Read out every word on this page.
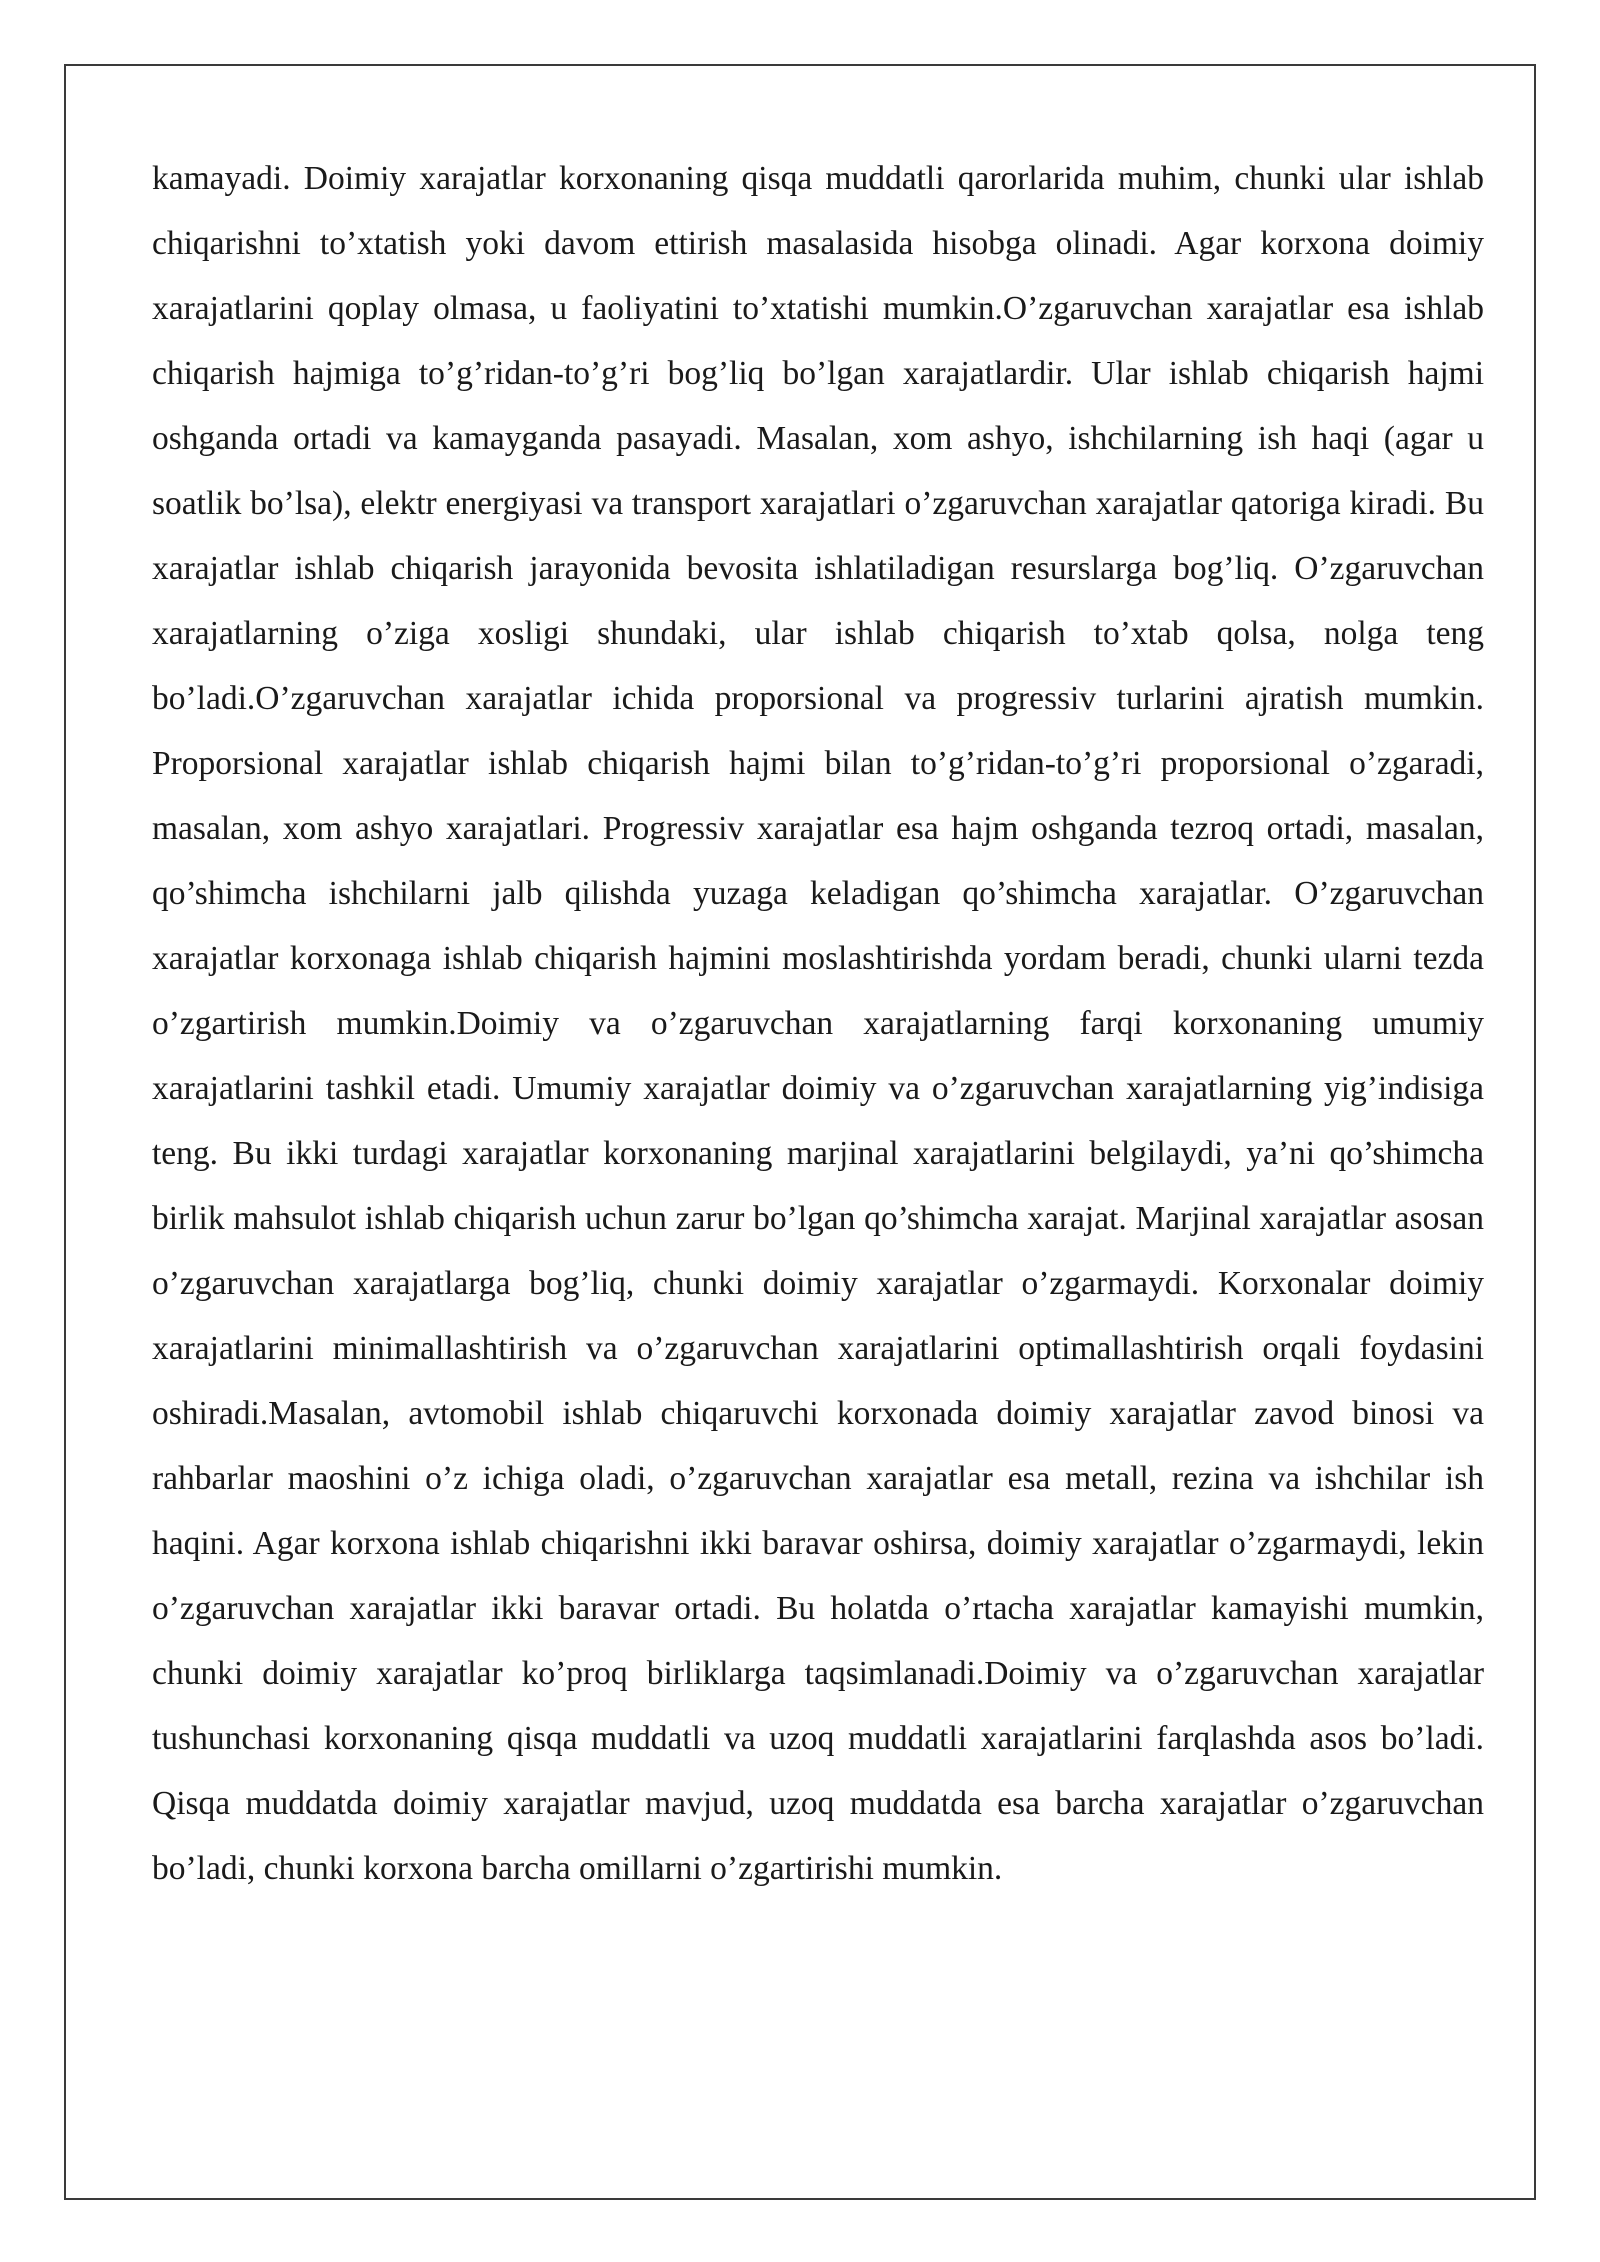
kamayadi. Doimiy xarajatlar korxonaning qisqa muddatli qarorlarida muhim, chunki ular ishlab chiqarishni to’xtatish yoki davom ettirish masalasida hisobga olinadi. Agar korxona doimiy xarajatlarini qoplay olmasa, u faoliyatini to’xtatishi mumkin.O’zgaruvchan xarajatlar esa ishlab chiqarish hajmiga to’g’ridan-to’g’ri bog’liq bo’lgan xarajatlardir. Ular ishlab chiqarish hajmi oshganda ortadi va kamayganda pasayadi. Masalan, xom ashyo, ishchilarning ish haqi (agar u soatlik bo’lsa), elektr energiyasi va transport xarajatlari o’zgaruvchan xarajatlar qatoriga kiradi. Bu xarajatlar ishlab chiqarish jarayonida bevosita ishlatiladigan resurslarga bog’liq. O’zgaruvchan xarajatlarning o’ziga xosligi shundaki, ular ishlab chiqarish to’xtab qolsa, nolga teng bo’ladi.O’zgaruvchan xarajatlar ichida proporsional va progressiv turlarini ajratish mumkin. Proporsional xarajatlar ishlab chiqarish hajmi bilan to’g’ridan-to’g’ri proporsional o’zgaradi, masalan, xom ashyo xarajatlari. Progressiv xarajatlar esa hajm oshganda tezroq ortadi, masalan, qo’shimcha ishchilarni jalb qilishda yuzaga keladigan qo’shimcha xarajatlar. O’zgaruvchan xarajatlar korxonaga ishlab chiqarish hajmini moslashtirishda yordam beradi, chunki ularni tezda o’zgartirish mumkin.Doimiy va o’zgaruvchan xarajatlarning farqi korxonaning umumiy xarajatlarini tashkil etadi. Umumiy xarajatlar doimiy va o’zgaruvchan xarajatlarning yig’indisiga teng. Bu ikki turdagi xarajatlar korxonaning marjinal xarajatlarini belgilaydi, ya’ni qo’shimcha birlik mahsulot ishlab chiqarish uchun zarur bo’lgan qo’shimcha xarajat. Marjinal xarajatlar asosan o’zgaruvchan xarajatlarga bog’liq, chunki doimiy xarajatlar o’zgarmaydi. Korxonalar doimiy xarajatlarini minimallashtirish va o’zgaruvchan xarajatlarini optimallashtirish orqali foydasini oshiradi.Masalan, avtomobil ishlab chiqaruvchi korxonada doimiy xarajatlar zavod binosi va rahbarlar maoshini o’z ichiga oladi, o’zgaruvchan xarajatlar esa metall, rezina va ishchilar ish haqini. Agar korxona ishlab chiqarishni ikki baravar oshirsa, doimiy xarajatlar o’zgarmaydi, lekin o’zgaruvchan xarajatlar ikki baravar ortadi. Bu holatda o’rtacha xarajatlar kamayishi mumkin, chunki doimiy xarajatlar ko’proq birliklarga taqsimlanadi.Doimiy va o’zgaruvchan xarajatlar tushunchasi korxonaning qisqa muddatli va uzoq muddatli xarajatlarini farqlashda asos bo’ladi. Qisqa muddatda doimiy xarajatlar mavjud, uzoq muddatda esa barcha xarajatlar o’zgaruvchan bo’ladi, chunki korxona barcha omillarni o’zgartirishi mumkin.
